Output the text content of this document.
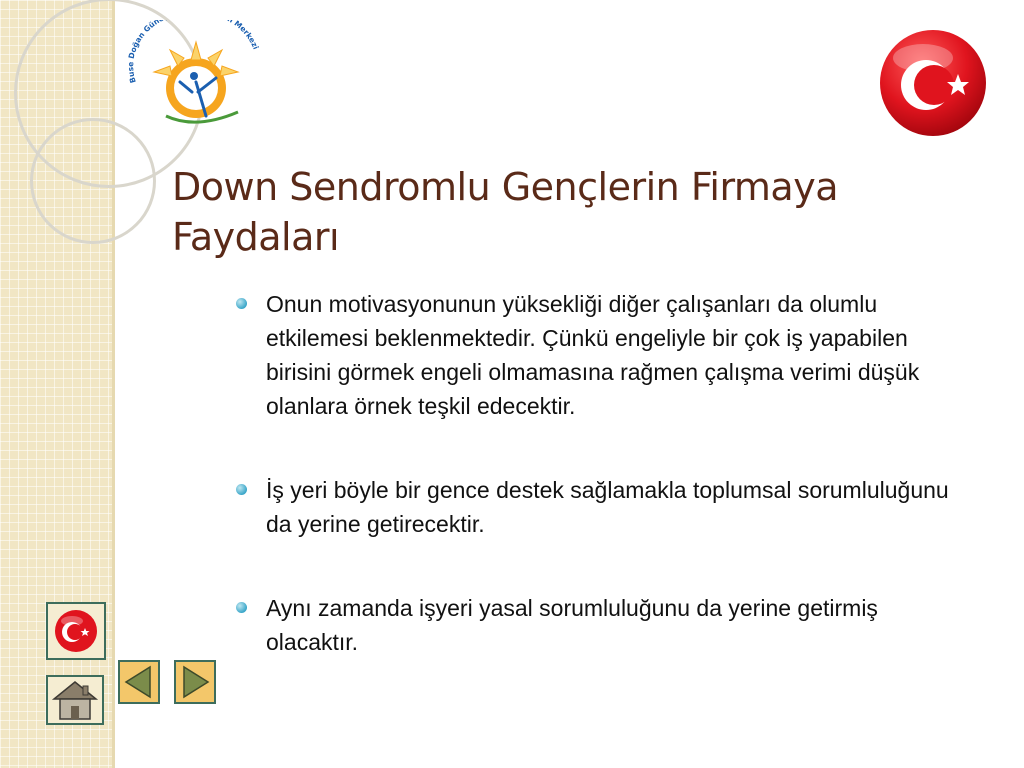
Buse Doğan Gün Merkezi
Down Sendromlu Gençlerin Firmaya Faydaları
Onun motivasyonunun yüksekliği diğer çalışanları da olumlu etkilemesi beklenmektedir. Çünkü engeliyle bir çok iş yapabilen birisini görmek engeli olmamasına rağmen çalışma verimi düşük olanlara örnek teşkil edecektir.
İş yeri böyle bir gence destek sağlamakla toplumsal sorumluluğunu da yerine getirecektir.
Aynı zamanda işyeri yasal sorumluluğunu da yerine getirmiş olacaktır.
